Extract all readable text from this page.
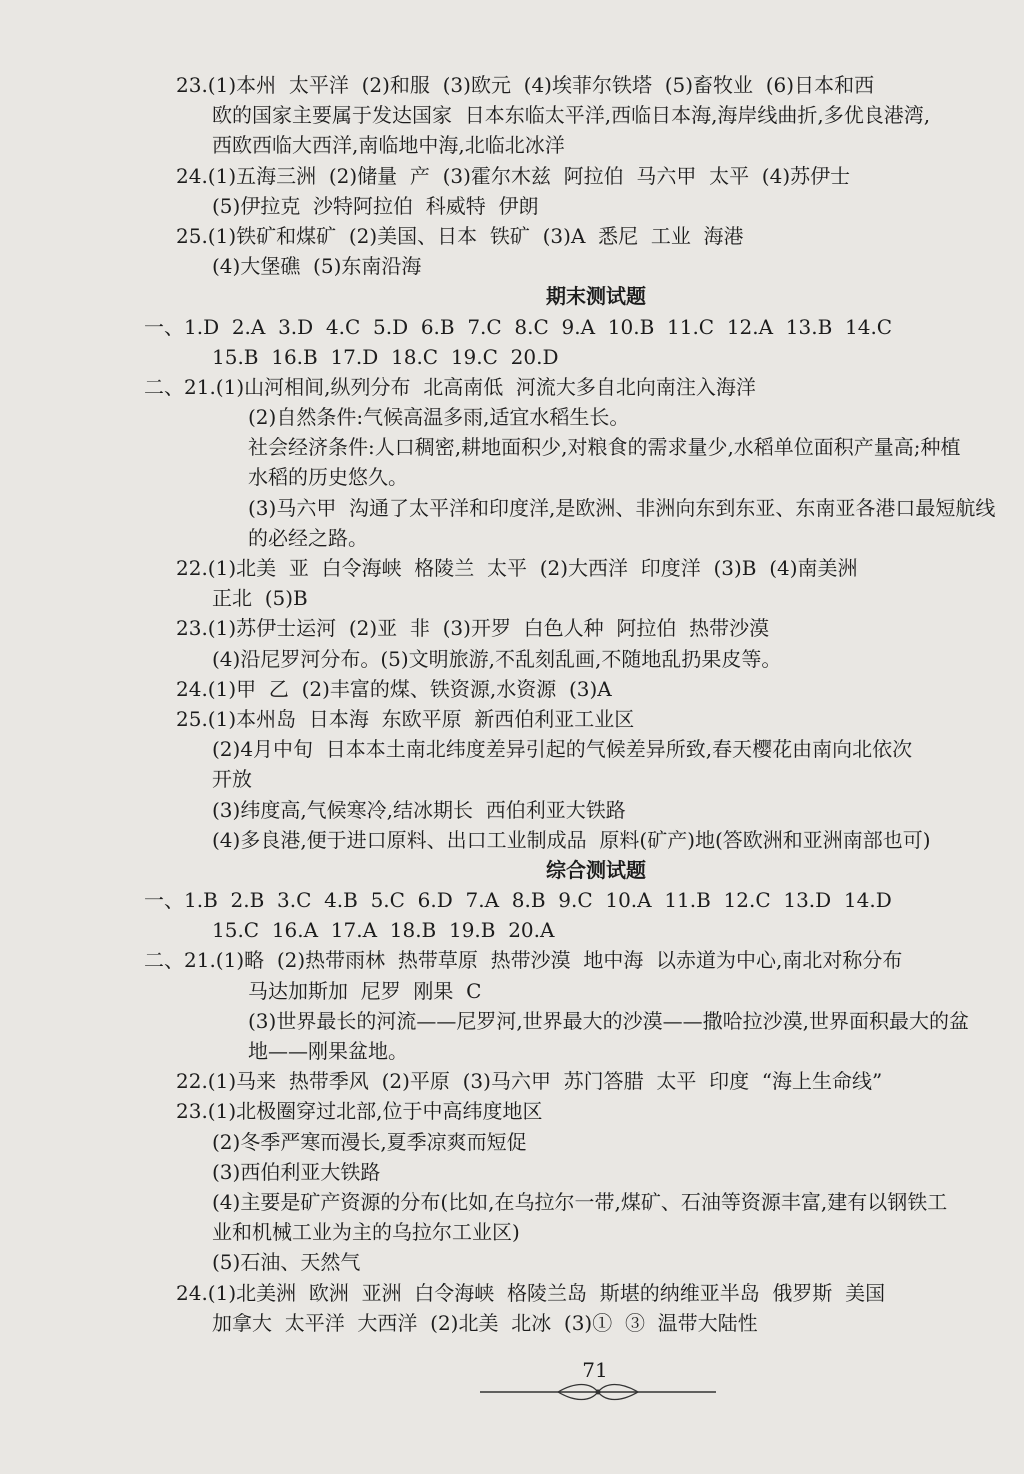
23.(1)本州  太平洋  (2)和服  (3)欧元  (4)埃菲尔铁塔  (5)畜牧业  (6)日本和西
欧的国家主要属于发达国家  日本东临太平洋,西临日本海,海岸线曲折,多优良港湾,
西欧西临大西洋,南临地中海,北临北冰洋
24.(1)五海三洲  (2)储量  产  (3)霍尔木兹  阿拉伯  马六甲  太平  (4)苏伊士
(5)伊拉克  沙特阿拉伯  科威特  伊朗
25.(1)铁矿和煤矿  (2)美国、日本  铁矿  (3)A  悉尼  工业  海港
(4)大堡礁  (5)东南沿海
期末测试题
一、1.D  2.A  3.D  4.C  5.D  6.B  7.C  8.C  9.A  10.B  11.C  12.A  13.B  14.C
15.B  16.B  17.D  18.C  19.C  20.D
二、21.(1)山河相间,纵列分布  北高南低  河流大多自北向南注入海洋
(2)自然条件:气候高温多雨,适宜水稻生长。
社会经济条件:人口稠密,耕地面积少,对粮食的需求量少,水稻单位面积产量高;种植
水稻的历史悠久。
(3)马六甲  沟通了太平洋和印度洋,是欧洲、非洲向东到东亚、东南亚各港口最短航线
的必经之路。
22.(1)北美  亚  白令海峡  格陵兰  太平  (2)大西洋  印度洋  (3)B  (4)南美洲
正北  (5)B
23.(1)苏伊士运河  (2)亚  非  (3)开罗  白色人种  阿拉伯  热带沙漠
(4)沿尼罗河分布。(5)文明旅游,不乱刻乱画,不随地乱扔果皮等。
24.(1)甲  乙  (2)丰富的煤、铁资源,水资源  (3)A
25.(1)本州岛  日本海  东欧平原  新西伯利亚工业区
(2)4月中旬  日本本土南北纬度差异引起的气候差异所致,春天樱花由南向北依次
开放
(3)纬度高,气候寒冷,结冰期长  西伯利亚大铁路
(4)多良港,便于进口原料、出口工业制成品  原料(矿产)地(答欧洲和亚洲南部也可)
综合测试题
一、1.B  2.B  3.C  4.B  5.C  6.D  7.A  8.B  9.C  10.A  11.B  12.C  13.D  14.D
15.C  16.A  17.A  18.B  19.B  20.A
二、21.(1)略  (2)热带雨林  热带草原  热带沙漠  地中海  以赤道为中心,南北对称分布
马达加斯加  尼罗  刚果  C
(3)世界最长的河流——尼罗河,世界最大的沙漠——撒哈拉沙漠,世界面积最大的盆
地——刚果盆地。
22.(1)马来  热带季风  (2)平原  (3)马六甲  苏门答腊  太平  印度  “海上生命线”
23.(1)北极圈穿过北部,位于中高纬度地区
(2)冬季严寒而漫长,夏季凉爽而短促
(3)西伯利亚大铁路
(4)主要是矿产资源的分布(比如,在乌拉尔一带,煤矿、石油等资源丰富,建有以钢铁工
业和机械工业为主的乌拉尔工业区)
(5)石油、天然气
24.(1)北美洲  欧洲  亚洲  白令海峡  格陵兰岛  斯堪的纳维亚半岛  俄罗斯  美国
加拿大  太平洋  大西洋  (2)北美  北冰  (3)①  ③  温带大陆性
71
